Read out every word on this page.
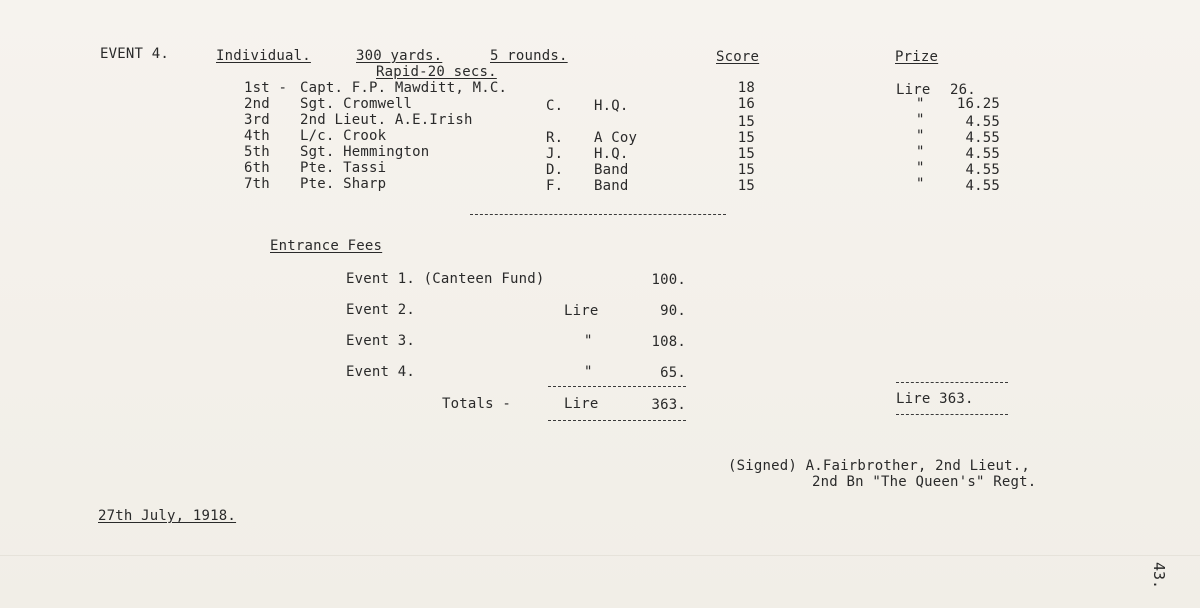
EVENT 4.	Individual.	300 yards.	5 rounds.
Rapid-20 secs.
Score	Prize
1st - Capt. F.P. Mawditt, M.C.	18	Lire 26.
2nd Sgt. Cromwell	C. H.Q.	16	"	16.25
3rd 2nd Lieut. A.E.Irish	15	"	4.55
4th L/c. Crook	R. A Coy	15	"	4.55
5th Sgt. Hemmington	J. H.Q.	15	"	4.55
6th Pte. Tassi	D. Band	15	"	4.55
7th Pte. Sharp	F. Band	15	"	4.55
Entrance Fees
Event 1. (Canteen Fund)	100.
Event 2.	Lire	90.
Event 3.	"	108.
Event 4.	"	65.
Totals -	Lire	363.	Lire 363.
(Signed) A.Fairbrother, 2nd Lieut.,
2nd Bn "The Queen's" Regt.
27th July, 1918.
43.
